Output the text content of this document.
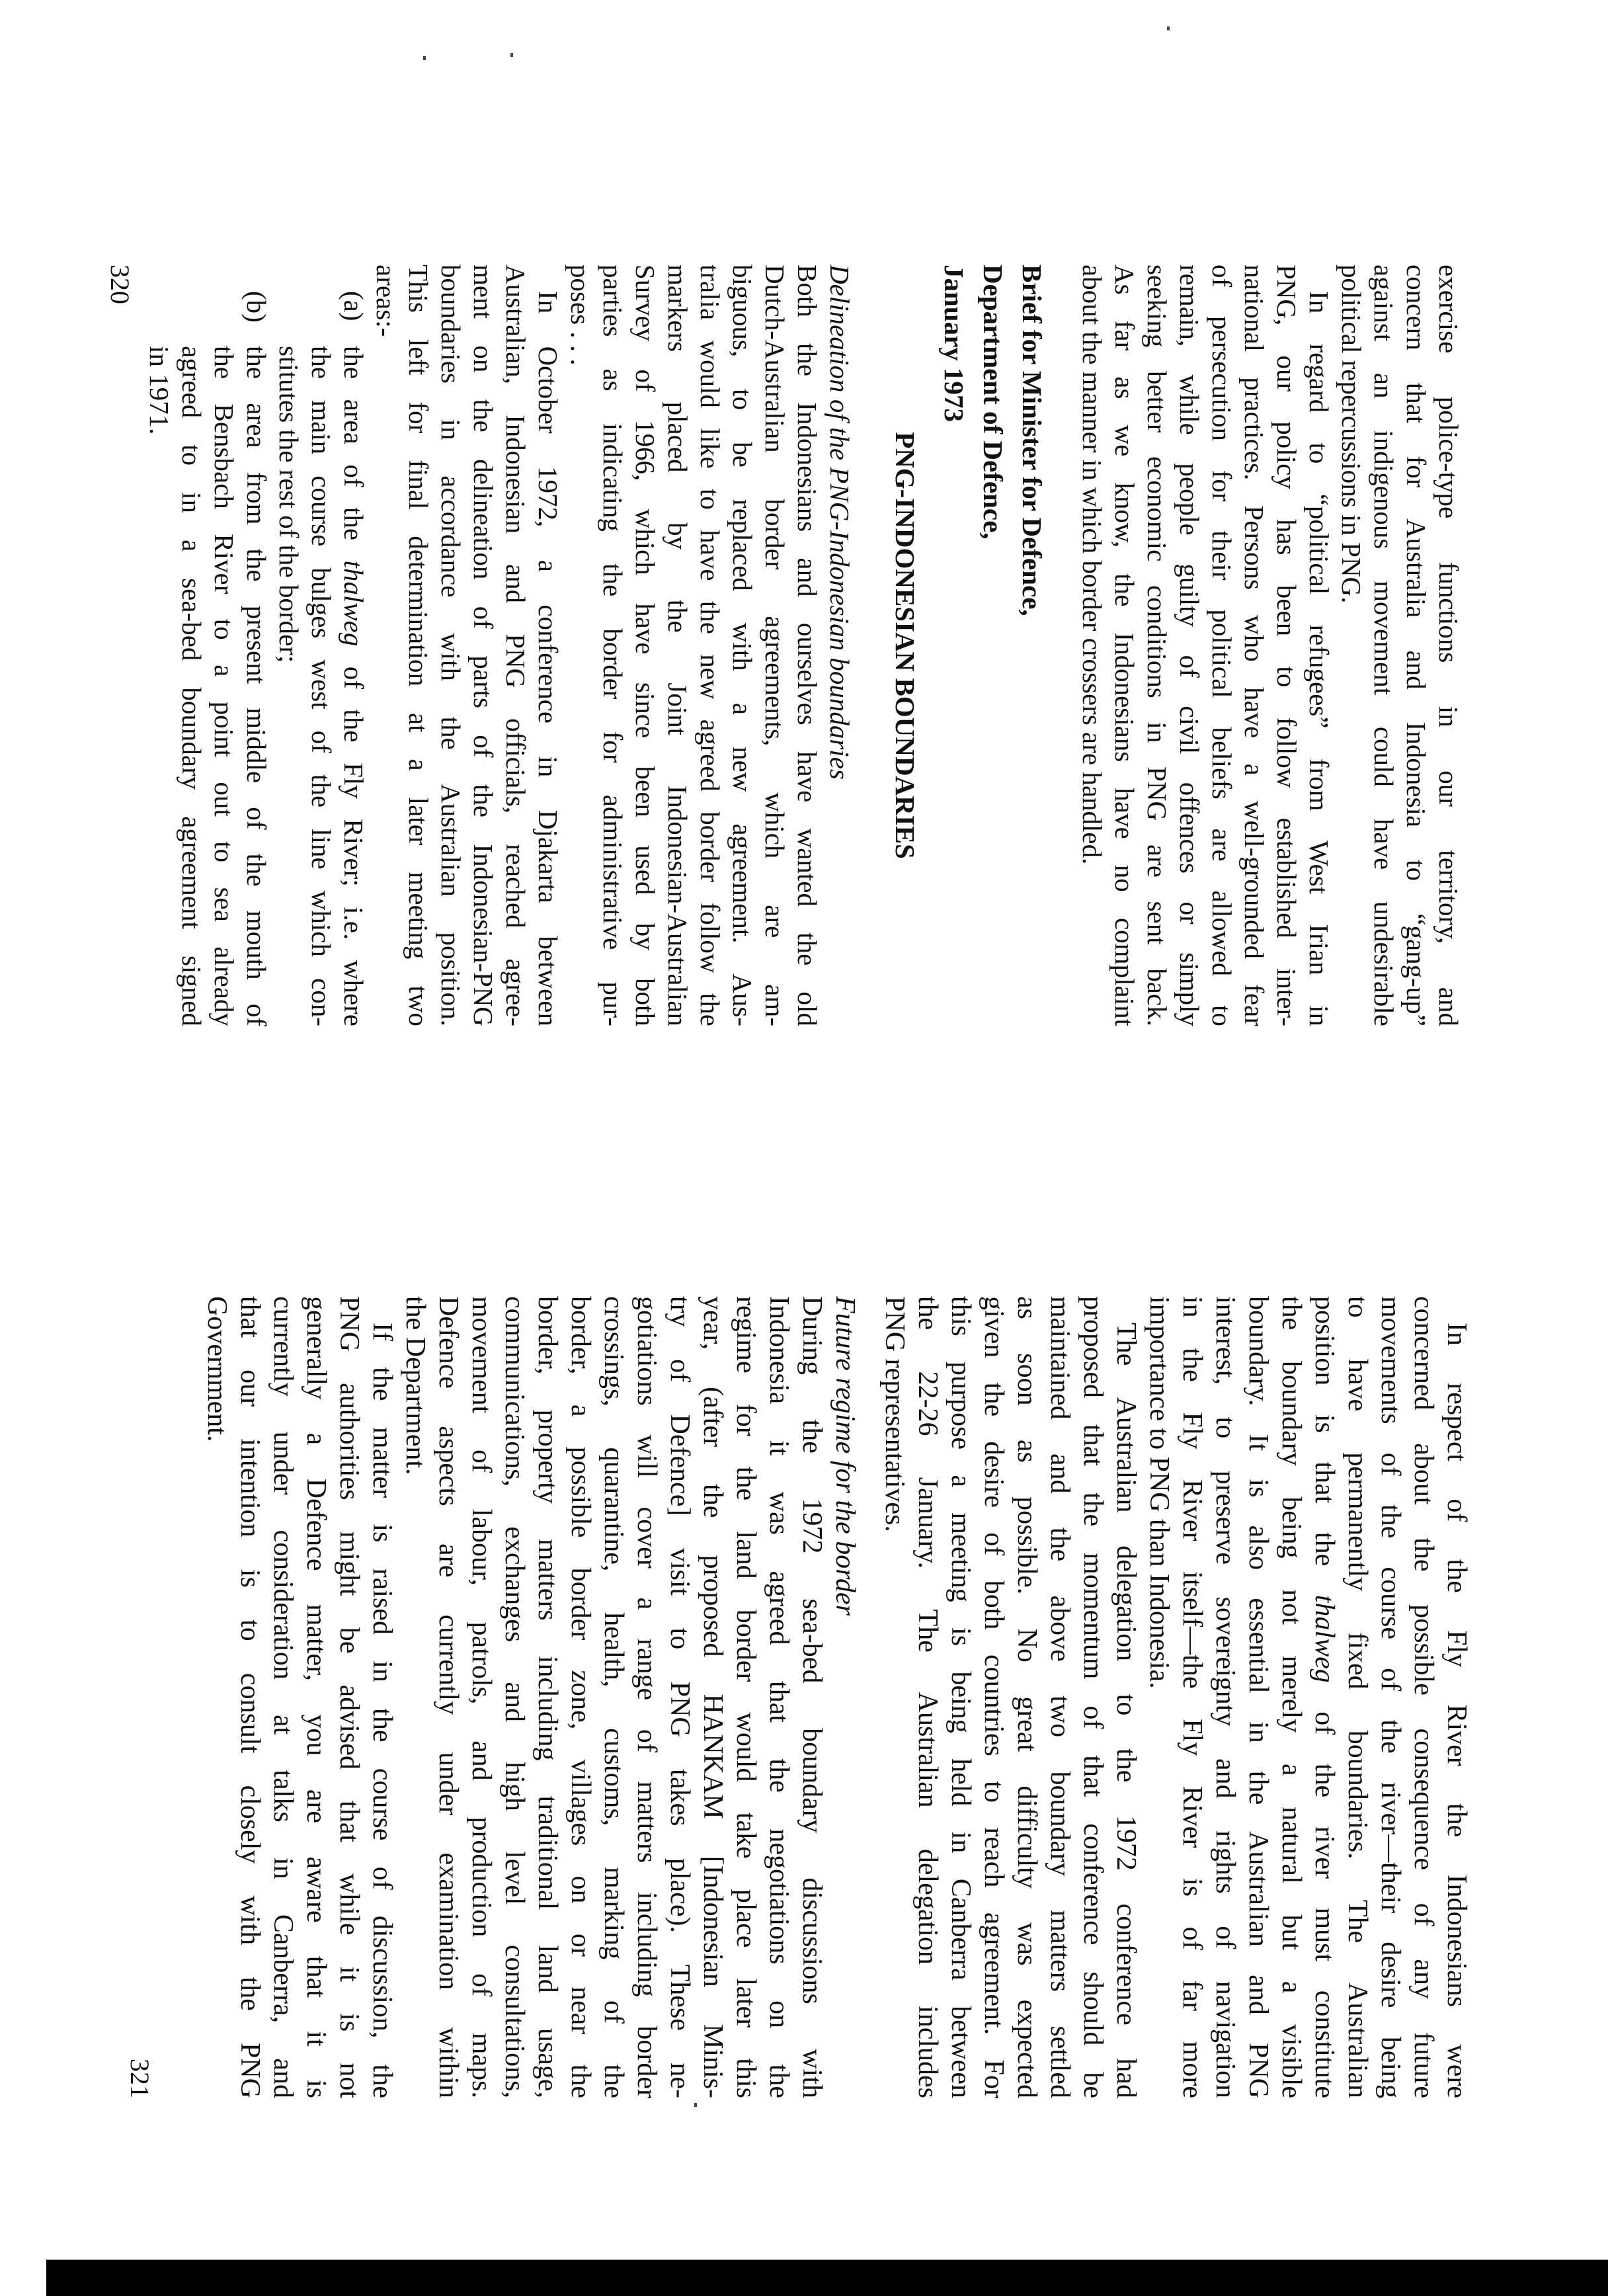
exercise police-type functions in our territory, and
concern that for Australia and Indonesia to “gang-up”
against an indigenous movement could have undesirable
political repercussions in PNG.
In regard to “political refugees” from West Irian in
PNG, our policy has been to follow established inter-
national practices. Persons who have a well-grounded fear
of persecution for their political beliefs are allowed to
remain, while people guilty of civil offences or simply
seeking better economic conditions in PNG are sent back.
As far as we know, the Indonesians have no complaint
about the manner in which border crossers are handled.
Brief for Minister for Defence,
Department of Defence,
January 1973
PNG-INDONESIAN BOUNDARIES
Delineation of the PNG-Indonesian boundaries
Both the Indonesians and ourselves have wanted the old
Dutch-Australian border agreements, which are am-
biguous, to be replaced with a new agreement. Aus-
tralia would like to have the new agreed border follow the
markers placed by the Joint Indonesian-Australian
Survey of 1966, which have since been used by both
parties as indicating the border for administrative pur-
poses . . .
In October 1972, a conference in Djakarta between
Australian, Indonesian and PNG officials, reached agree-
ment on the delineation of parts of the Indonesian-PNG
boundaries in accordance with the Australian position.
This left for final determination at a later meeting two
areas:-
(a)
the area of the thalweg of the Fly River; i.e. where
the main course bulges west of the line which con-
stitutes the rest of the border;
(b)
the area from the present middle of the mouth of
the Bensbach River to a point out to sea already
agreed to in a sea-bed boundary agreement signed
in 1971.
320
In respect of the Fly River the Indonesians were
concerned about the possible consequence of any future
movements of the course of the river—their desire being
to have permanently fixed boundaries. The Australian
position is that the thalweg of the river must constitute
the boundary being not merely a natural but a visible
boundary. It is also essential in the Australian and PNG
interest, to preserve sovereignty and rights of navigation
in the Fly River itself—the Fly River is of far more
importance to PNG than Indonesia.
The Australian delegation to the 1972 conference had
proposed that the momentum of that conference should be
maintained and the above two boundary matters settled
as soon as possible. No great difficulty was expected
given the desire of both countries to reach agreement. For
this purpose a meeting is being held in Canberra between
the 22-26 January. The Australian delegation includes
PNG representatives.
Future regime for the border
During the 1972 sea-bed boundary discussions with
Indonesia it was agreed that the negotiations on the
regime for the land border would take place later this
year, (after the proposed HANKAM [Indonesian Minis-
try of Defence] visit to PNG takes place). These ne-
gotiations will cover a range of matters including border
crossings, quarantine, health, customs, marking of the
border, a possible border zone, villages on or near the
border, property matters including traditional land usage,
communications, exchanges and high level consultations,
movement of labour, patrols, and production of maps.
Defence aspects are currently under examination within
the Department.
If the matter is raised in the course of discussion, the
PNG authorities might be advised that while it is not
generally a Defence matter, you are aware that it is
currently under consideration at talks in Canberra, and
that our intention is to consult closely with the PNG
Government.
321
